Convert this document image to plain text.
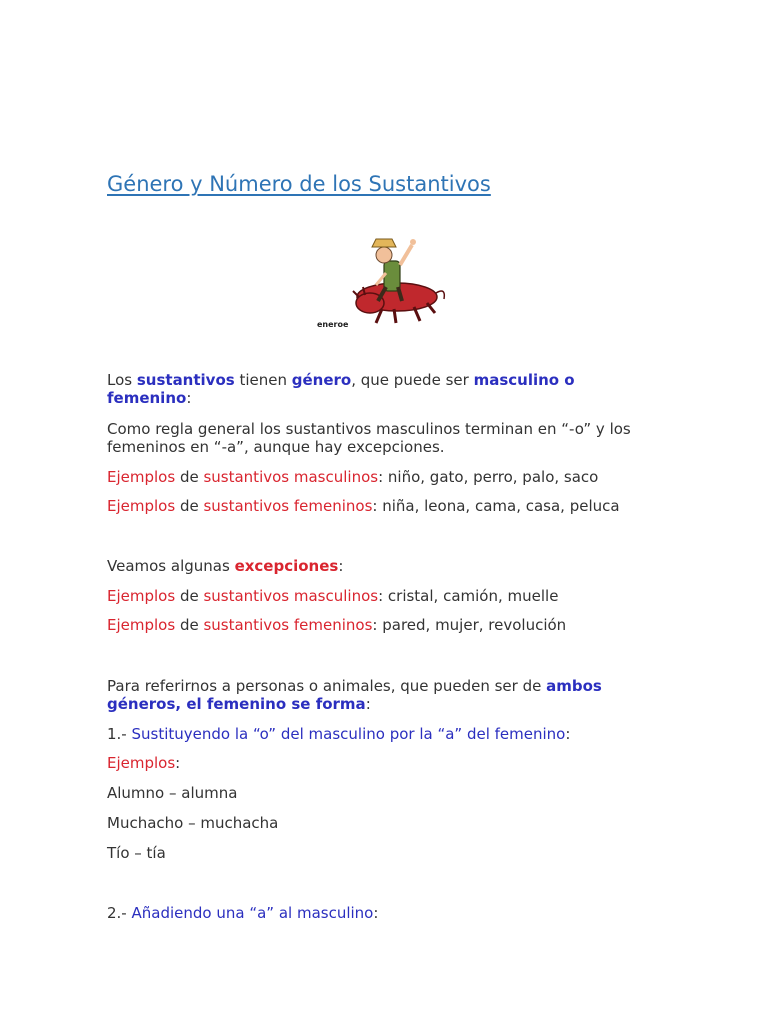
Género y Número de los Sustantivos
eneroe
Los sustantivos tienen género, que puede ser masculino o femenino:
Como regla general los sustantivos masculinos terminan en “-o” y los femeninos en “-a”, aunque hay excepciones.
Ejemplos de sustantivos masculinos: niño, gato, perro, palo, saco
Ejemplos de sustantivos femeninos: niña, leona, cama, casa, peluca
Veamos algunas excepciones:
Ejemplos de sustantivos masculinos: cristal, camión, muelle
Ejemplos de sustantivos femeninos: pared, mujer, revolución
Para referirnos a personas o animales, que pueden ser de ambos géneros, el femenino se forma:
1.- Sustituyendo la “o” del masculino por la “a” del femenino:
Ejemplos:
Alumno – alumna
Muchacho – muchacha
Tío – tía
2.- Añadiendo una “a” al masculino:
